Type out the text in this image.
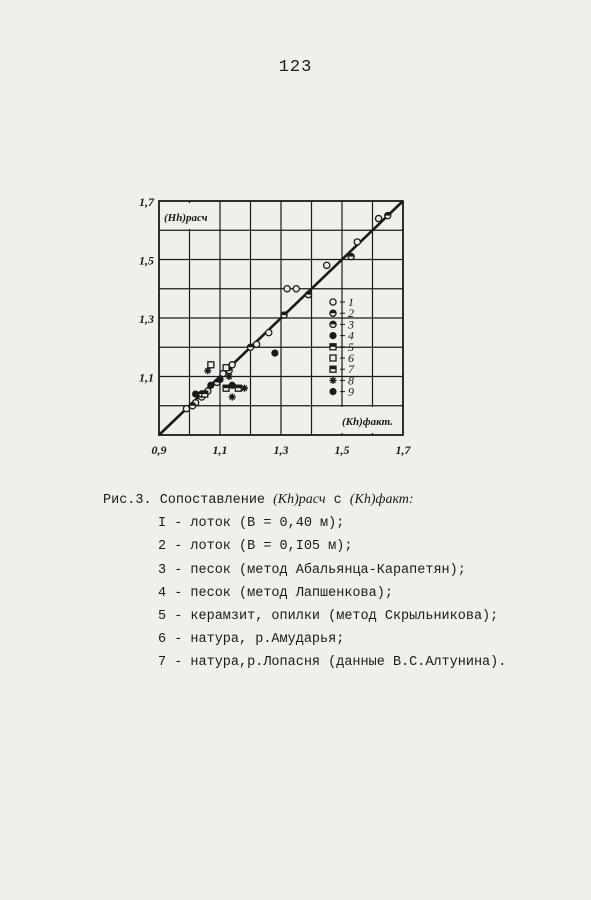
123
0,9	1,1	1,3	1,5	1,7
1,1
1,3
1,5
1,7
1
2
3
4
5
6
7
8
9
(Hh)расч
(Kh)факт.
Рис.3. Сопоставление (Kh)расч с (Kh)факт:
I - лоток (В = 0,40 м);
2 - лоток (В = 0,I05 м);
3 - песок (метод Абальянца-Карапетян);
4 - песок (метод Лапшенкова);
5 - керамзит, опилки (метод Скрыльникова);
6 - натура, р.Амударья;
7 - натура,р.Лопасня (данные В.С.Алтунина).
